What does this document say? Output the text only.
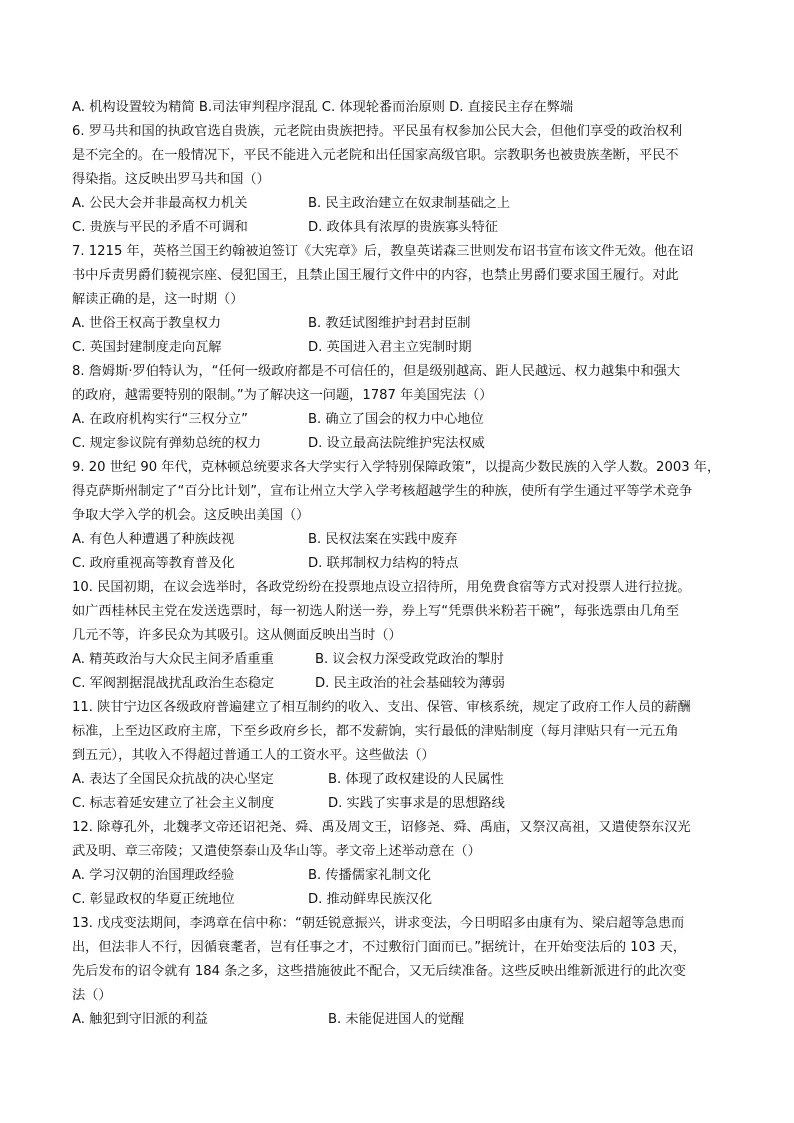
A. 机构设置较为精简 B.司法审判程序混乱 C. 体现轮番而治原则 D. 直接民主存在弊端
6. 罗马共和国的执政官选自贵族，元老院由贵族把持。平民虽有权参加公民大会，但他们享受的政治权利
是不完全的。在一般情况下，平民不能进入元老院和出任国家高级官职。宗教职务也被贵族垄断，平民不
得染指。这反映出罗马共和国（）
A. 公民大会并非最高权力机关	B. 民主政治建立在奴隶制基础之上
C. 贵族与平民的矛盾不可调和	D. 政体具有浓厚的贵族寡头特征
7. 1215 年，英格兰国王约翰被迫签订《大宪章》后，教皇英诺森三世则发布诏书宣布该文件无效。他在诏
书中斥责男爵们藐视宗座、侵犯国王，且禁止国王履行文件中的内容，也禁止男爵们要求国王履行。对此
解读正确的是，这一时期（）
A. 世俗王权高于教皇权力	B. 教廷试图维护封君封臣制
C. 英国封建制度走向瓦解	D. 英国进入君主立宪制时期
8. 詹姆斯·罗伯特认为，“任何一级政府都是不可信任的，但是级别越高、距人民越远、权力越集中和强大
的政府，越需要特别的限制。”为了解决这一问题，1787 年美国宪法（）
A. 在政府机构实行“三权分立”	B. 确立了国会的权力中心地位
C. 规定参议院有弹劾总统的权力	D. 设立最高法院维护宪法权威
9. 20 世纪 90 年代，克林顿总统要求各大学实行入学特别保障政策”，以提高少数民族的入学人数。2003 年，
得克萨斯州制定了“百分比计划”，宣布让州立大学入学考核超越学生的种族，使所有学生通过平等学术竞争
争取大学入学的机会。这反映出美国（）
A. 有色人种遭遇了种族歧视	B. 民权法案在实践中废弃
C. 政府重视高等教育普及化	D. 联邦制权力结构的特点
10. 民国初期，在议会选举时，各政党纷纷在投票地点设立招待所，用免费食宿等方式对投票人进行拉拢。
如广西桂林民主党在发送选票时，每一初选人附送一券，券上写“凭票供米粉若干碗”，每张选票由几角至
几元不等，许多民众为其吸引。这从侧面反映出当时（）
A. 精英政治与大众民主间矛盾重重	B. 议会权力深受政党政治的掣肘
C. 军阀割据混战扰乱政治生态稳定	D. 民主政治的社会基础较为薄弱
11. 陕甘宁边区各级政府普遍建立了相互制约的收入、支出、保管、审核系统，规定了政府工作人员的薪酬
标准，上至边区政府主席，下至乡政府乡长，都不发薪饷，实行最低的津贴制度（每月津贴只有一元五角
到五元），其收入不得超过普通工人的工资水平。这些做法（）
A. 表达了全国民众抗战的决心坚定	B. 体现了政权建设的人民属性
C. 标志着延安建立了社会主义制度	D. 实践了实事求是的思想路线
12. 除尊孔外，北魏孝文帝还诏祀尧、舜、禹及周文王，诏修尧、舜、禹庙，又祭汉高祖，又遣使祭东汉光
武及明、章三帝陵；又遣使祭泰山及华山等。孝文帝上述举动意在（）
A. 学习汉朝的治国理政经验	B. 传播儒家礼制文化
C. 彰显政权的华夏正统地位	D. 推动鲜卑民族汉化
13. 戊戌变法期间，李鸿章在信中称：“朝廷锐意振兴，讲求变法，今日明昭多由康有为、梁启超等急患而
出，但法非人不行，因循衰耄者，岂有任事之才，不过敷衍门面而已。”据统计，在开始变法后的 103 天，
先后发布的诏令就有 184 条之多，这些措施彼此不配合，又无后续准备。这些反映出维新派进行的此次变
法（）
A. 触犯到守旧派的利益	B. 未能促进国人的觉醒
